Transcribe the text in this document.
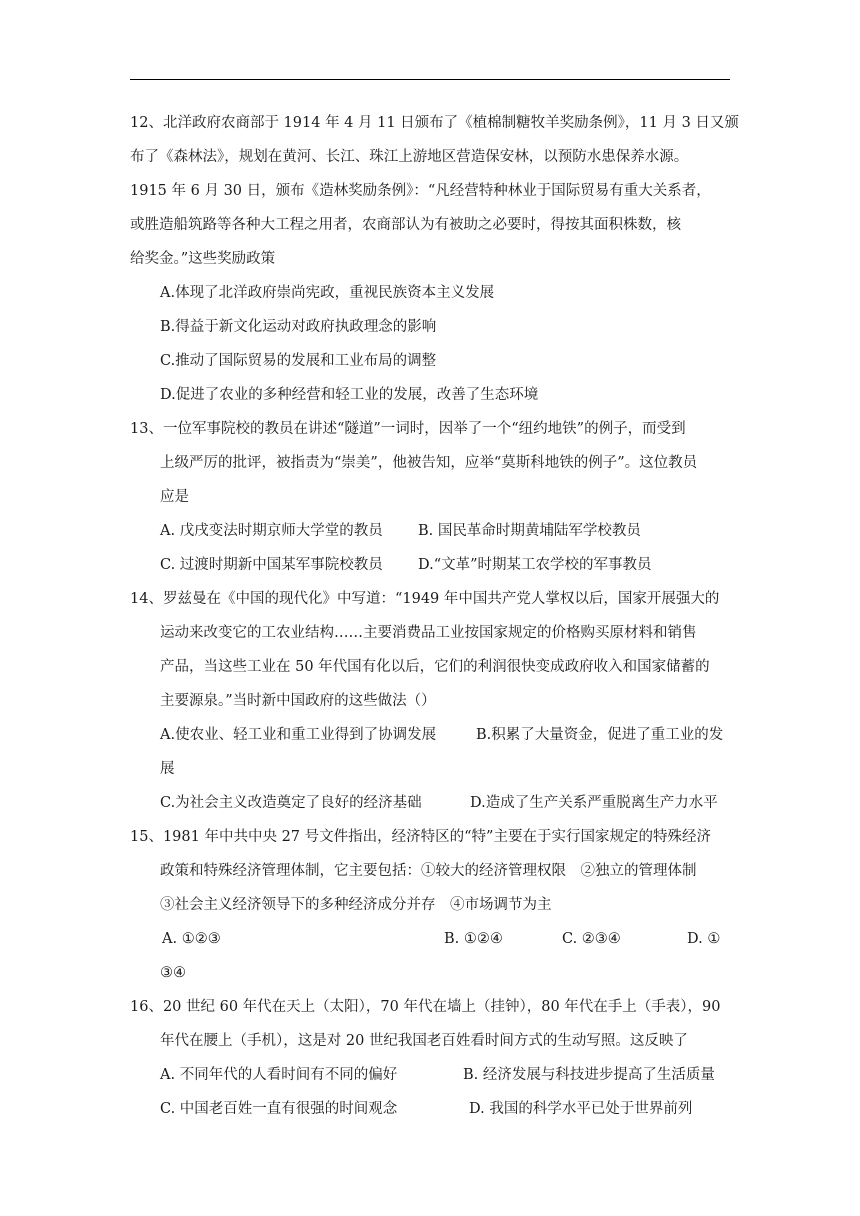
12、北洋政府农商部于 1914 年 4 月 11 日颁布了《植棉制糖牧羊奖励条例》，11 月 3 日又颁
布了《森林法》，规划在黄河、长江、珠江上游地区营造保安林，以预防水患保养水源。
1915 年 6 月 30 日，颁布《造林奖励条例》：“凡经营特种林业于国际贸易有重大关系者，
或胜造船筑路等各种大工程之用者，农商部认为有被助之必要时，得按其面积株数，核
给奖金。”这些奖励政策
A.体现了北洋政府崇尚宪政，重视民族资本主义发展
B.得益于新文化运动对政府执政理念的影响
C.推动了国际贸易的发展和工业布局的调整
D.促进了农业的多种经营和轻工业的发展，改善了生态环境
13、一位军事院校的教员在讲述“隧道”一词时，因举了一个“纽约地铁”的例子，而受到
上级严厉的批评，被指责为“崇美”，他被告知，应举“莫斯科地铁的例子”。这位教员
应是
A. 戊戌变法时期京师大学堂的教员	B. 国民革命时期黄埔陆军学校教员
C. 过渡时期新中国某军事院校教员	D.“文革”时期某工农学校的军事教员
14、罗兹曼在《中国的现代化》中写道：“1949 年中国共产党人掌权以后，国家开展强大的
运动来改变它的工农业结构……主要消费品工业按国家规定的价格购买原材料和销售
产品，当这些工业在 50 年代国有化以后，它们的利润很快变成政府收入和国家储蓄的
主要源泉。”当时新中国政府的这些做法（）
A.使农业、轻工业和重工业得到了协调发展	B.积累了大量资金，促进了重工业的发
展
C.为社会主义改造奠定了良好的经济基础	D.造成了生产关系严重脱离生产力水平
15、1981 年中共中央 27 号文件指出，经济特区的“特”主要在于实行国家规定的特殊经济
政策和特殊经济管理体制，它主要包括：①较大的经济管理权限　②独立的管理体制
③社会主义经济领导下的多种经济成分并存　④市场调节为主
A. ①②③	B. ①②④	C. ②③④	D. ①
③④
16、20 世纪 60 年代在天上（太阳），70 年代在墙上（挂钟），80 年代在手上（手表），90
年代在腰上（手机），这是对 20 世纪我国老百姓看时间方式的生动写照。这反映了
A. 不同年代的人看时间有不同的偏好	B. 经济发展与科技进步提高了生活质量
C. 中国老百姓一直有很强的时间观念	D. 我国的科学水平已处于世界前列
